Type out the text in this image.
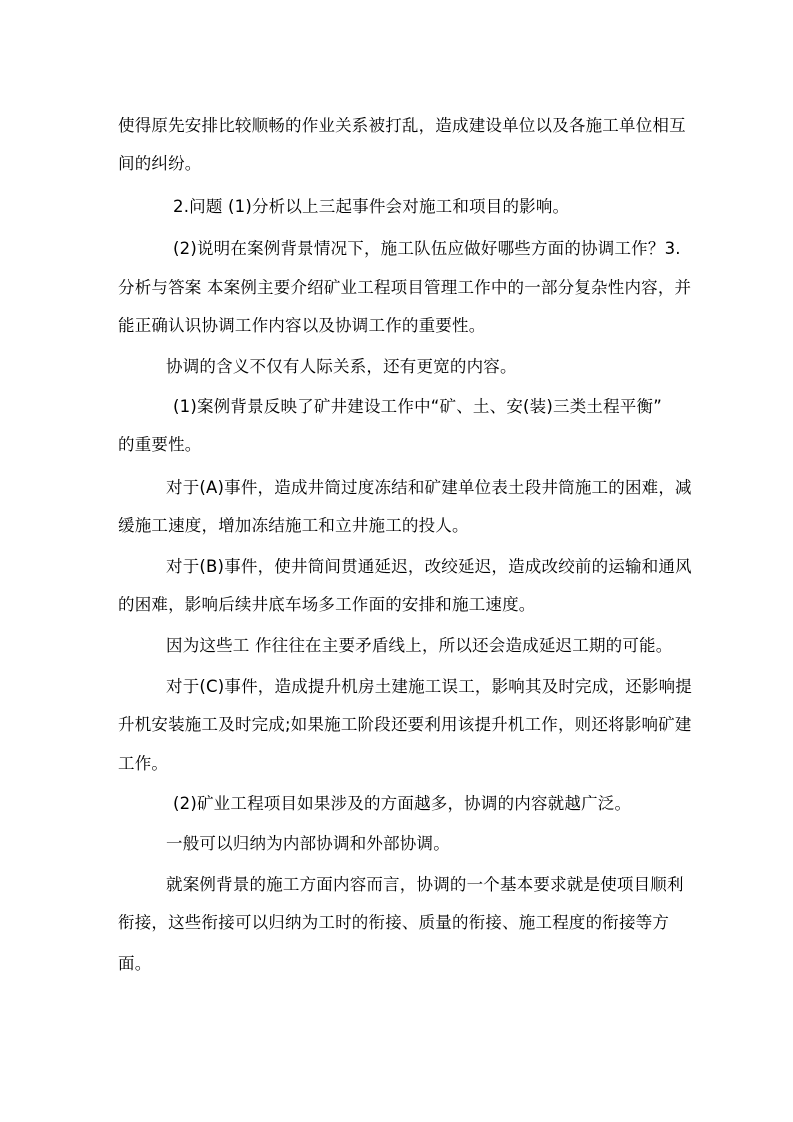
使得原先安排比较顺畅的作业关系被打乱，造成建设单位以及各施工单位相互
间的纠纷。
2.问题 (1)分析以上三起事件会对施工和项目的影响。
(2)说明在案例背景情况下，施工队伍应做好哪些方面的协调工作？3.
分析与答案 本案例主要介绍矿业工程项目管理工作中的一部分复杂性内容，并
能正确认识协调工作内容以及协调工作的重要性。
协调的含义不仅有人际关系，还有更宽的内容。
(1)案例背景反映了矿井建设工作中“矿、土、安(装)三类土程平衡”
的重要性。
对于(A)事件，造成井筒过度冻结和矿建单位表土段井筒施工的困难，减
缓施工速度，增加冻结施工和立井施工的投人。
对于(B)事件，使井筒间贯通延迟，改绞延迟，造成改绞前的运输和通风
的困难，影响后续井底车场多工作面的安排和施工速度。
因为这些工 作往往在主要矛盾线上，所以还会造成延迟工期的可能。
对于(C)事件，造成提升机房土建施工误工，影响其及时完成，还影响提
升机安装施工及时完成;如果施工阶段还要利用该提升机工作，则还将影响矿建
工作。
(2)矿业工程项目如果涉及的方面越多，协调的内容就越广泛。
一般可以归纳为内部协调和外部协调。
就案例背景的施工方面内容而言，协调的一个基本要求就是使项目顺利
衔接，这些衔接可以归纳为工时的衔接、质量的衔接、施工程度的衔接等方
面。
